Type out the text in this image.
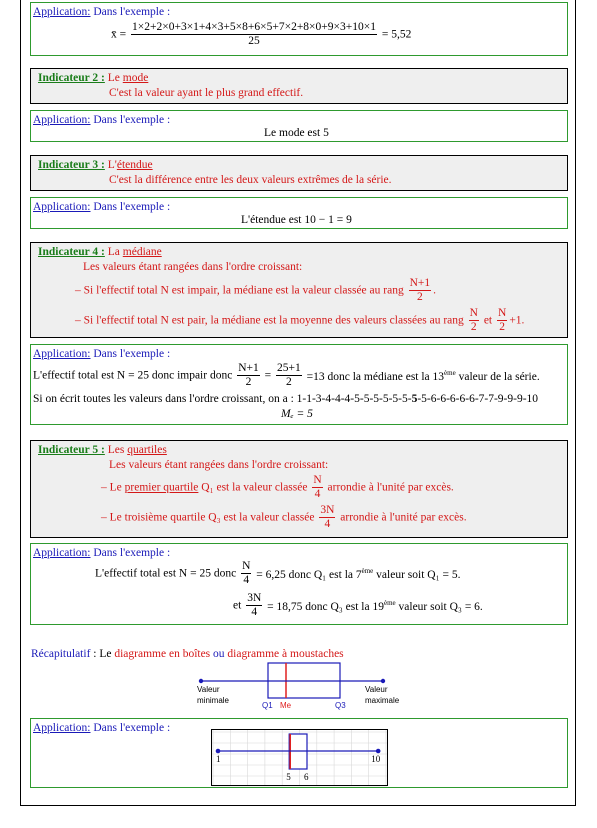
Application: Dans l'exemple :
x̄ = $\frac{1\times 2+2\times 0+3\times 1+4\times 3+5\times 8+6\times 5+7\times 2+8\times 0+9\times 3+10\times 1}{25} = 5,52$
Indicateur 2 : Le mode
C'est la valeur ayant le plus grand effectif.
Application: Dans l'exemple :
Le mode est 5
Indicateur 3 : L'étendue
C'est la différence entre les deux valeurs extrêmes de la série.
Application: Dans l'exemple :
L'étendue est 10 − 1 = 9
Indicateur 4 : La médiane
Les valeurs étant rangées dans l'ordre croissant:
– Si l'effectif total N est impair, la médiane est la valeur classée au rang $\frac{N+1}{2}$ .
– Si l'effectif total N est pair, la médiane est la moyenne des valeurs classées au rang $\frac{N}{2}$ et $\frac{N}{2} +1$.
Application: Dans l'exemple :
L'effectif total est N = 25 donc impair donc $\frac{N+1}{2} = \frac{25+1}{2} =13$ donc la médiane est la 13ème valeur de la série.
Si on écrit toutes les valeurs dans l'ordre croissant, on a : 1-1-3-4-4-4-5-5-5-5-5-5-5-5-6-6-6-6-6-7-7-9-9-9-10
Mₑ = 5
Indicateur 5 : Les quartiles
Les valeurs étant rangées dans l'ordre croissant:
– Le premier quartile Q₁ est la valeur classée $\frac{N}{4}$ arrondie à l'unité par excès.
– Le troisième quartile Q₃ est la valeur classée $\frac{3N}{4}$ arrondie à l'unité par excès.
Application: Dans l'exemple :
L'effectif total est N = 25 donc $\frac{N}{4} = 6,25$ donc Q₁ est la 7ème valeur soit Q₁ = 5.
et $\frac{3N}{4} = 18,75$ donc Q₃ est la 19ème valeur soit Q₃ = 6.
Récapitulatif : Le diagramme en boîtes ou diagramme à moustaches
Valeur
minimale
Q1 Me	Q3
Valeur
maximale
Application: Dans l'exemple :
1	10
5 6
